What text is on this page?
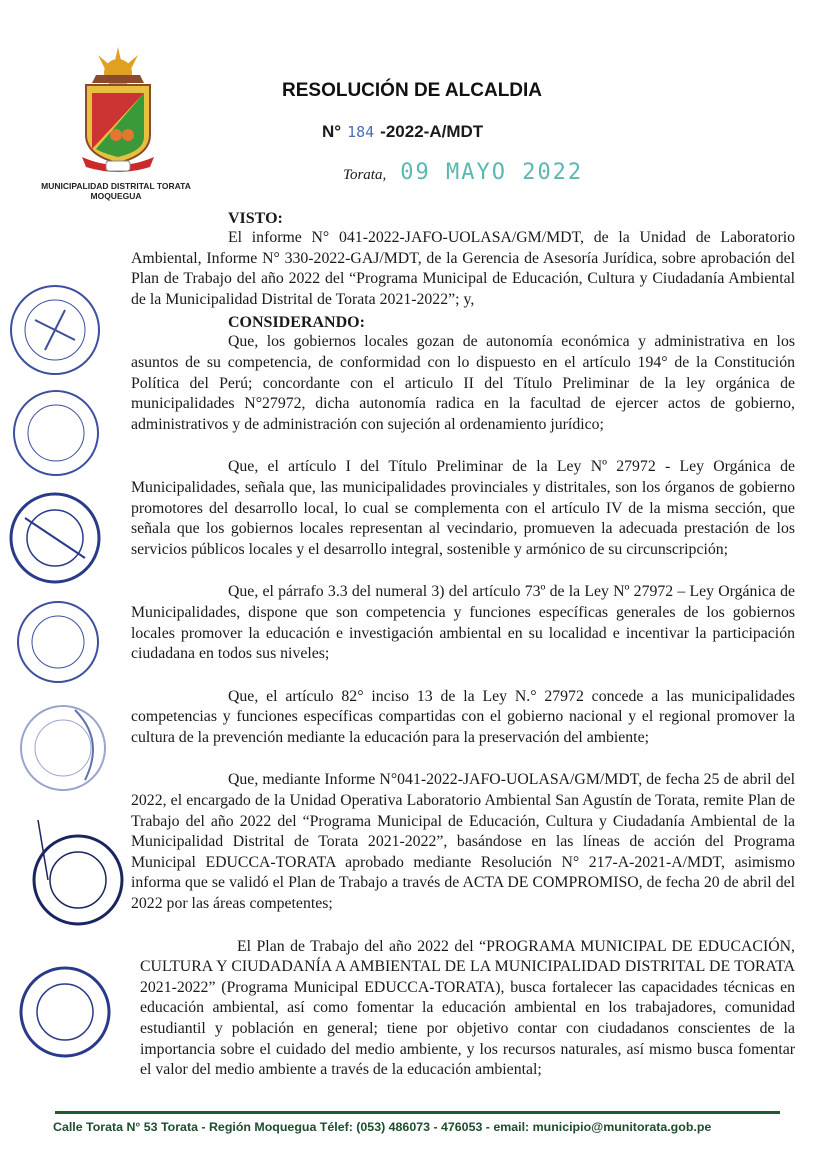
MUNICIPALIDAD DISTRITAL TORATA
MOQUEGUA
RESOLUCIÓN DE ALCALDIA
N° 184 -2022-A/MDT
Torata, 09 MAYO 2022
VISTO:
El informe N° 041-2022-JAFO-UOLASA/GM/MDT, de la Unidad de Laboratorio Ambiental, Informe N° 330-2022-GAJ/MDT, de la Gerencia de Asesoría Jurídica, sobre aprobación del Plan de Trabajo del año 2022 del “Programa Municipal de Educación, Cultura y Ciudadanía Ambiental de la Municipalidad Distrital de Torata 2021-2022”; y,
CONSIDERANDO:
Que, los gobiernos locales gozan de autonomía económica y administrativa en los asuntos de su competencia, de conformidad con lo dispuesto en el artículo 194° de la Constitución Política del Perú; concordante con el articulo II del Título Preliminar de la ley orgánica de municipalidades N°27972, dicha autonomía radica en la facultad de ejercer actos de gobierno, administrativos y de administración con sujeción al ordenamiento jurídico;
Que, el artículo I del Título Preliminar de la Ley Nº 27972 - Ley Orgánica de Municipalidades, señala que, las municipalidades provinciales y distritales, son los órganos de gobierno promotores del desarrollo local, lo cual se complementa con el artículo IV de la misma sección, que señala que los gobiernos locales representan al vecindario, promueven la adecuada prestación de los servicios públicos locales y el desarrollo integral, sostenible y armónico de su circunscripción;
Que, el párrafo 3.3 del numeral 3) del artículo 73º de la Ley Nº 27972 – Ley Orgánica de Municipalidades, dispone que son competencia y funciones específicas generales de los gobiernos locales promover la educación e investigación ambiental en su localidad e incentivar la participación ciudadana en todos sus niveles;
Que, el artículo 82° inciso 13 de la Ley N.° 27972 concede a las municipalidades competencias y funciones específicas compartidas con el gobierno nacional y el regional promover la cultura de la prevención mediante la educación para la preservación del ambiente;
Que, mediante Informe N°041-2022-JAFO-UOLASA/GM/MDT, de fecha 25 de abril del 2022, el encargado de la Unidad Operativa Laboratorio Ambiental San Agustín de Torata, remite Plan de Trabajo del año 2022 del “Programa Municipal de Educación, Cultura y Ciudadanía Ambiental de la Municipalidad Distrital de Torata 2021-2022”, basándose en las líneas de acción del Programa Municipal EDUCCA-TORATA aprobado mediante Resolución N° 217-A-2021-A/MDT, asimismo informa que se validó el Plan de Trabajo a través de ACTA DE COMPROMISO, de fecha 20 de abril del 2022 por las áreas competentes;
El Plan de Trabajo del año 2022 del “PROGRAMA MUNICIPAL DE EDUCACIÓN, CULTURA Y CIUDADANÍA A AMBIENTAL DE LA MUNICIPALIDAD DISTRITAL DE TORATA 2021-2022” (Programa Municipal EDUCCA-TORATA), busca fortalecer las capacidades técnicas en educación ambiental, así como fomentar la educación ambiental en los trabajadores, comunidad estudiantil y población en general; tiene por objetivo contar con ciudadanos conscientes de la importancia sobre el cuidado del medio ambiente, y los recursos naturales, así mismo busca fomentar el valor del medio ambiente a través de la educación ambiental;
Calle Torata N° 53 Torata - Región Moquegua Télef: (053) 486073 - 476053 - email: municipio@munitorata.gob.pe
